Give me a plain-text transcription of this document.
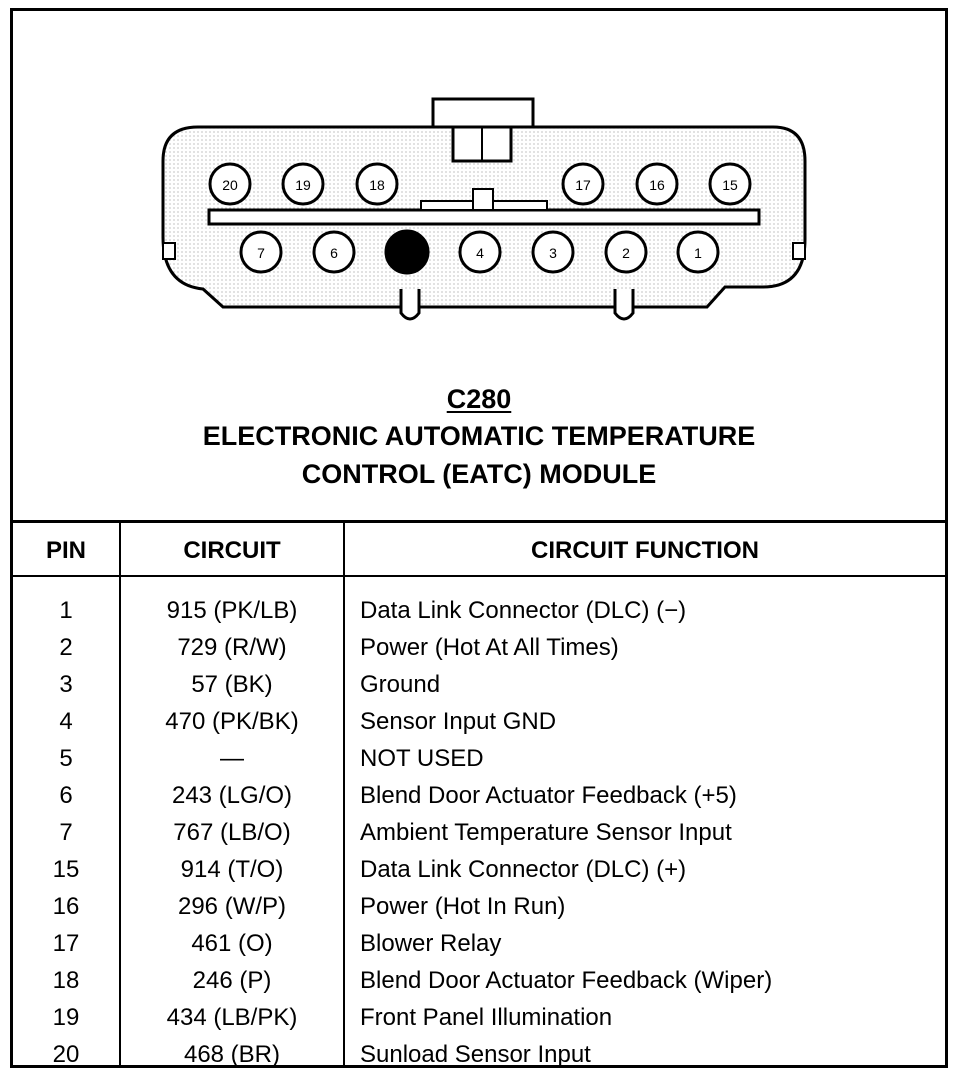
20	19	18	17	16	15
7	6	5	4	3	2	1
C280
ELECTRONIC AUTOMATIC TEMPERATURE
CONTROL (EATC) MODULE
PIN	CIRCUIT	CIRCUIT FUNCTION
1	915 (PK/LB)	Data Link Connector (DLC) (−)
2	729 (R/W)	Power (Hot At All Times)
3	57 (BK)	Ground
4	470 (PK/BK)	Sensor Input GND
5	—	NOT USED
6	243 (LG/O)	Blend Door Actuator Feedback (+5)
7	767 (LB/O)	Ambient Temperature Sensor Input
15	914 (T/O)	Data Link Connector (DLC) (+)
16	296 (W/P)	Power (Hot In Run)
17	461 (O)	Blower Relay
18	246 (P)	Blend Door Actuator Feedback (Wiper)
19	434 (LB/PK)	Front Panel Illumination
20	468 (BR)	Sunload Sensor Input
